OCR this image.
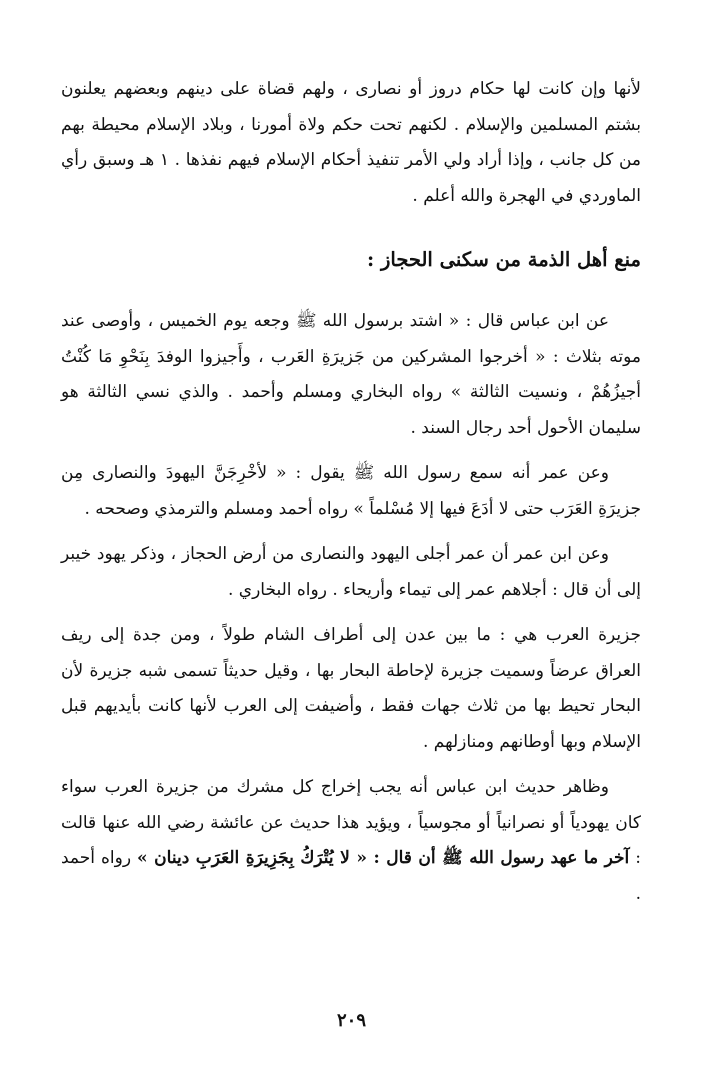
لأنها وإن كانت لها حكام دروز أو نصارى ، ولهم قضاة على دينهم وبعضهم يعلنون بشتم المسلمين والإسلام . لكنهم تحت حكم ولاة أمورنا ، وبلاد الإسلام محيطة بهم من كل جانب ، وإذا أراد ولي الأمر تنفيذ أحكام الإسلام فيهم نفذها . ١ هـ وسبق رأي الماوردي في الهجرة والله أعلم .

منع أهل الذمة من سكنى الحجاز :

عن ابن عباس قال : « اشتد برسول الله ﷺ وجعه يوم الخميس ، وأوصى عند موته بثلاث : « أخرجوا المشركين من جَزيرَةِ العَرب ، وأَجيزوا الوفدَ بِنَحْوِ مَا كُنْتُ أجيزُهُمْ ، ونسيت الثالثة » رواه البخاري ومسلم وأحمد . والذي نسي الثالثة هو سليمان الأحول أحد رجال السند .

وعن عمر أنه سمع رسول الله ﷺ يقول : « لأخْرِجَنَّ اليهودَ والنصارى مِن جزيرَةِ العَرَب حتى لا أدَعَ فيها إلا مُسْلماً » رواه أحمد ومسلم والترمذي وصححه .

وعن ابن عمر أن عمر أجلى اليهود والنصارى من أرض الحجاز ، وذكر يهود خيبر إلى أن قال : أجلاهم عمر إلى تيماء وأريحاء . رواه البخاري .

جزيرة العرب هي : ما بين عدن إلى أطراف الشام طولاً ، ومن جدة إلى ريف العراق عرضاً وسميت جزيرة لإحاطة البحار بها ، وقيل حديثاً تسمى شبه جزيرة لأن البحار تحيط بها من ثلاث جهات فقط ، وأضيفت إلى العرب لأنها كانت بأيديهم قبل الإسلام وبها أوطانهم ومنازلهم .

وظاهر حديث ابن عباس أنه يجب إخراج كل مشرك من جزيرة العرب سواء كان يهودياً أو نصرانياً أو مجوسياً ، ويؤيد هذا حديث عن عائشة رضي الله عنها قالت : آخر ما عهد رسول الله ﷺ أن قال : « لا يُتْرَكُ بِجَزِيرَةِ العَرَبِ دينان » رواه أحمد .

٢٠٩
